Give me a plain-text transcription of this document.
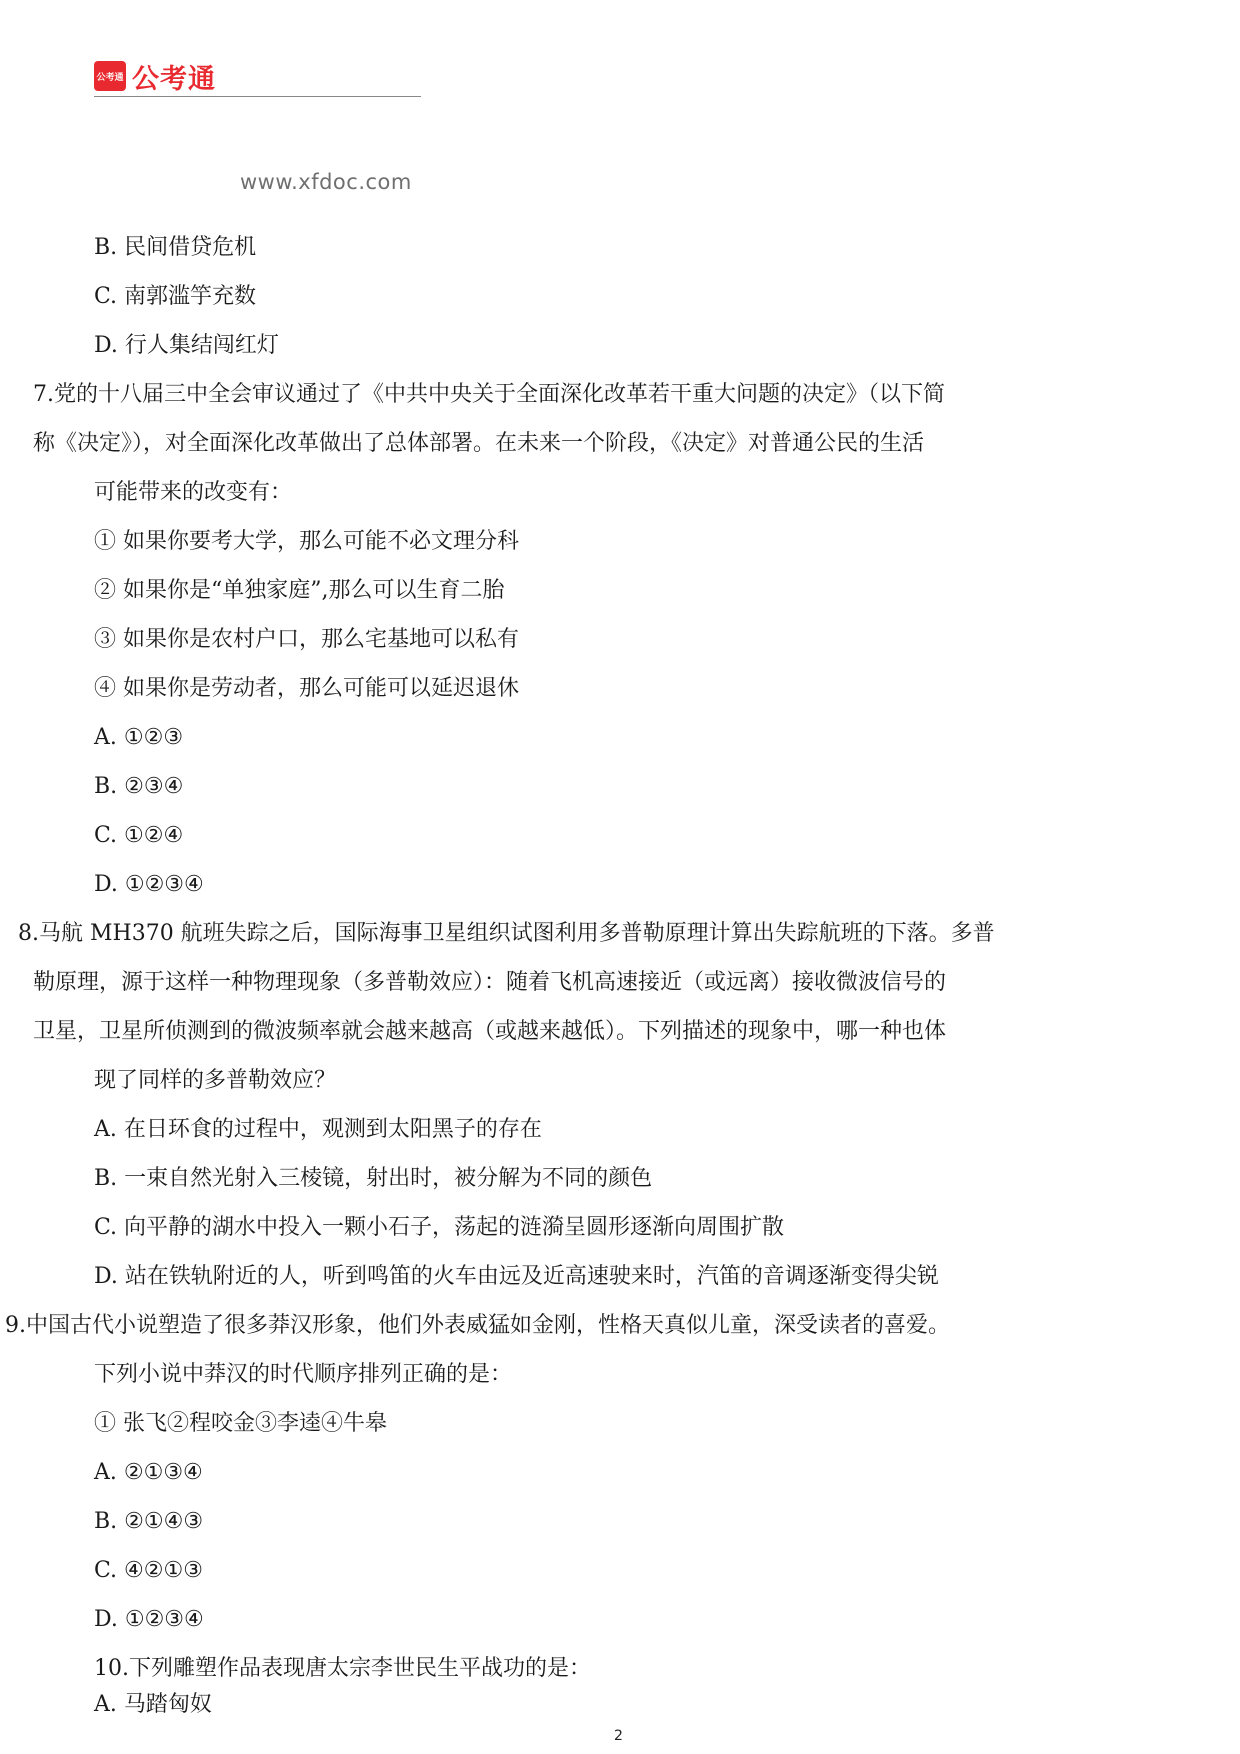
公考通 公考通
www.xfdoc.com
B. 民间借贷危机
C. 南郭滥竽充数
D. 行人集结闯红灯
7.党的十八届三中全会审议通过了《中共中央关于全面深化改革若干重大问题的决定》（以下简
称《决定》），对全面深化改革做出了总体部署。在未来一个阶段，《决定》对普通公民的生活
可能带来的改变有：
① 如果你要考大学，那么可能不必文理分科
② 如果你是“单独家庭”,那么可以生育二胎
③ 如果你是农村户口，那么宅基地可以私有
④ 如果你是劳动者，那么可能可以延迟退休
A. ①②③
B. ②③④
C. ①②④
D. ①②③④
8.马航 MH370 航班失踪之后，国际海事卫星组织试图利用多普勒原理计算出失踪航班的下落。多普
勒原理，源于这样一种物理现象（多普勒效应）：随着飞机高速接近（或远离）接收微波信号的
卫星，卫星所侦测到的微波频率就会越来越高（或越来越低）。下列描述的现象中，哪一种也体
现了同样的多普勒效应？
A. 在日环食的过程中，观测到太阳黑子的存在
B. 一束自然光射入三棱镜，射出时，被分解为不同的颜色
C. 向平静的湖水中投入一颗小石子，荡起的涟漪呈圆形逐渐向周围扩散
D. 站在铁轨附近的人，听到鸣笛的火车由远及近高速驶来时，汽笛的音调逐渐变得尖锐
9.中国古代小说塑造了很多莽汉形象，他们外表威猛如金刚，性格天真似儿童，深受读者的喜爱。
下列小说中莽汉的时代顺序排列正确的是：
① 张飞②程咬金③李逵④牛皋
A. ②①③④
B. ②①④③
C. ④②①③
D. ①②③④
10.下列雕塑作品表现唐太宗李世民生平战功的是：
A. 马踏匈奴
2
